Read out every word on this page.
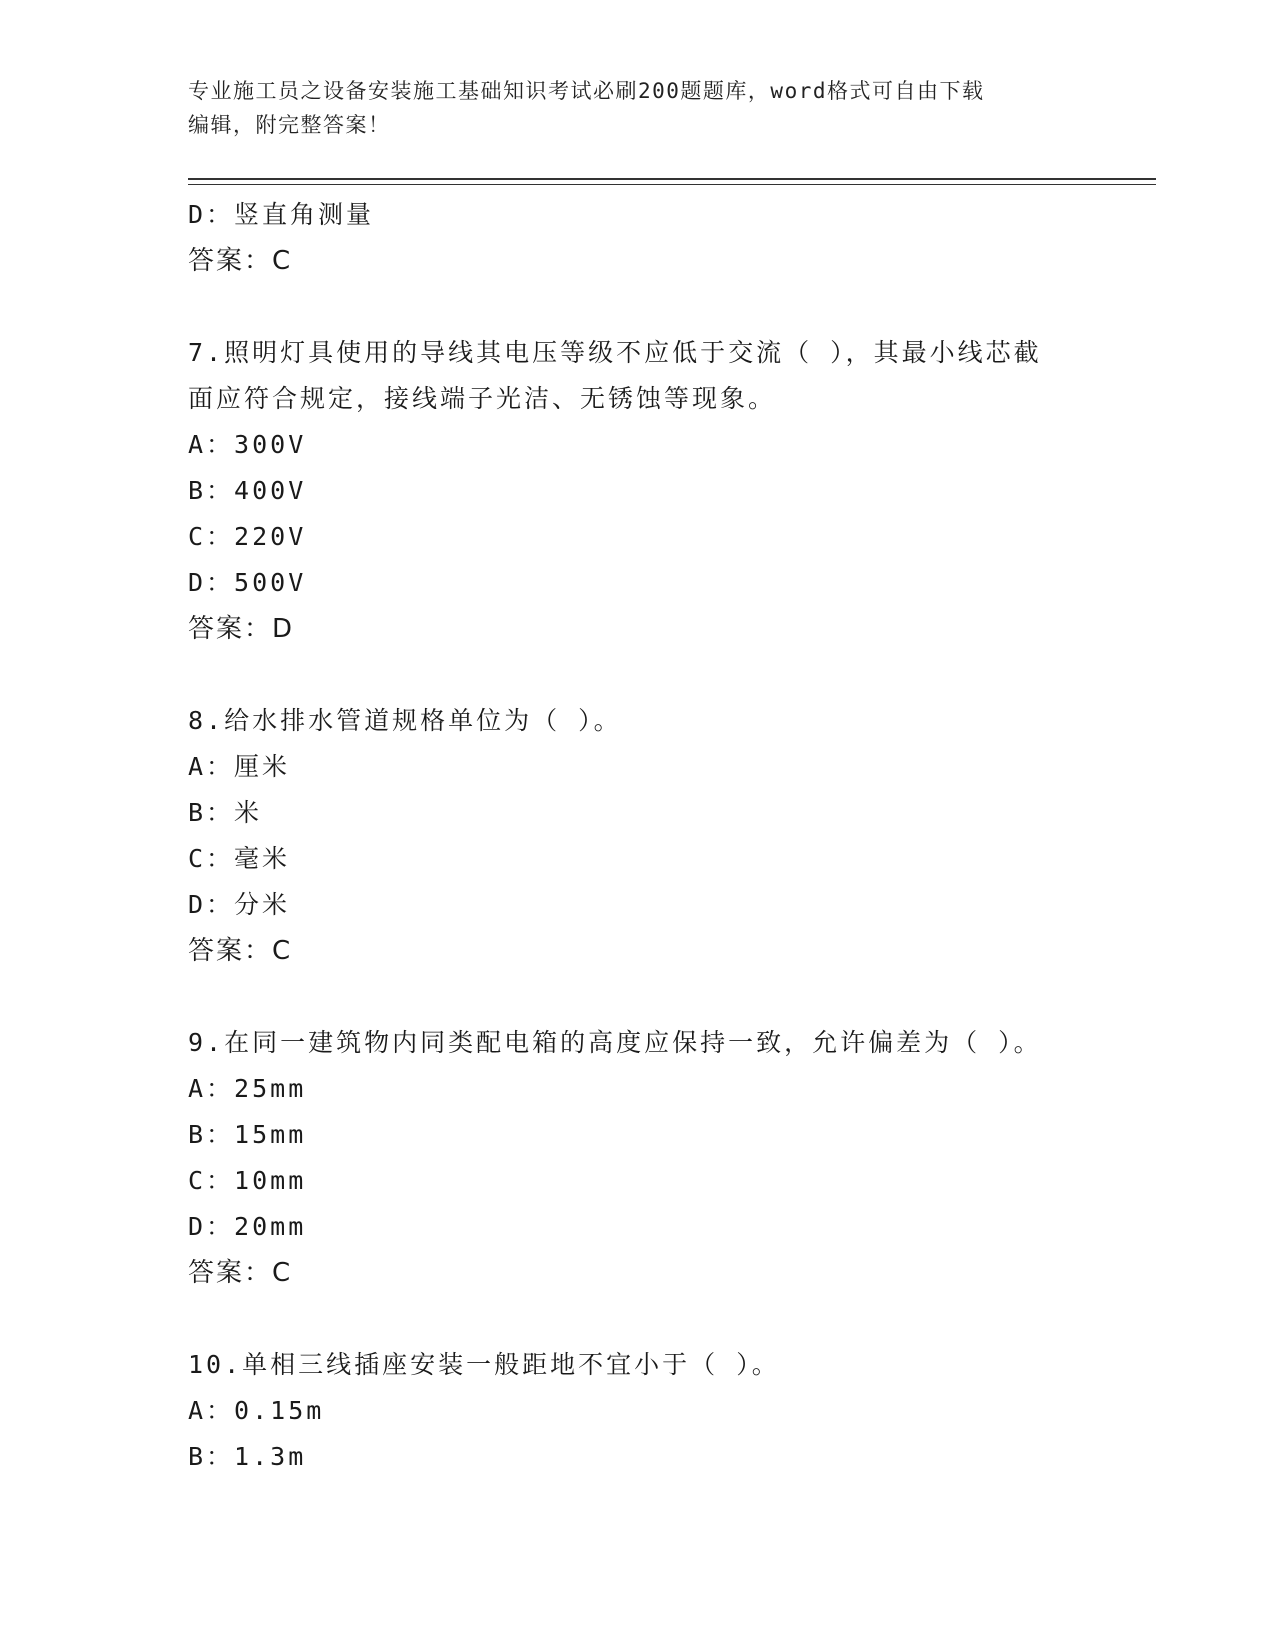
专业施工员之设备安装施工基础知识考试必刷200题题库，word格式可自由下载
编辑，附完整答案！
D：竖直角测量
答案：C
7.照明灯具使用的导线其电压等级不应低于交流（ ），其最小线芯截
面应符合规定，接线端子光洁、无锈蚀等现象。
A：300V
B：400V
C：220V
D：500V
答案：D
8.给水排水管道规格单位为（ ）。
A：厘米
B：米
C：毫米
D：分米
答案：C
9.在同一建筑物内同类配电箱的高度应保持一致，允许偏差为（ ）。
A：25mm
B：15mm
C：10mm
D：20mm
答案：C
10.单相三线插座安装一般距地不宜小于（ ）。
A：0.15m
B：1.3m
